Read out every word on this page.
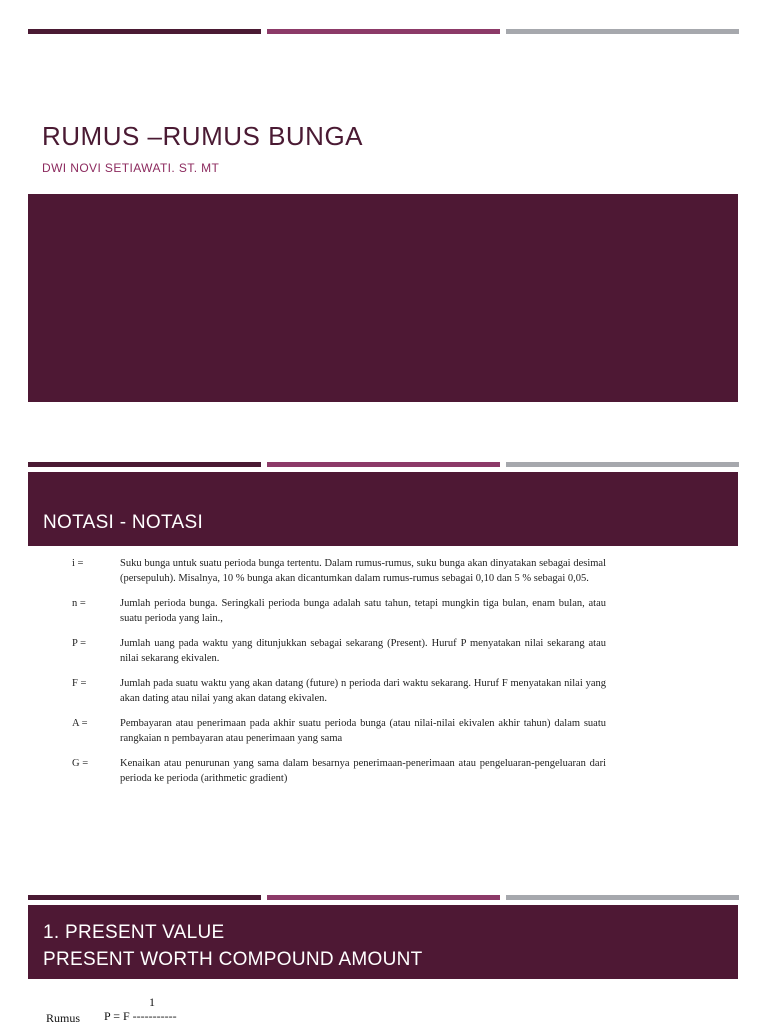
RUMUS –RUMUS BUNGA

DWI NOVI SETIAWATI. ST. MT

NOTASI - NOTASI
i =	Suku bunga untuk suatu perioda bunga tertentu. Dalam rumus-rumus, suku bunga akan dinyatakan sebagai desimal (persepuluh). Misalnya, 10 % bunga akan dicantumkan dalam rumus-rumus sebagai 0,10 dan 5 % sebagai 0,05.
n =	Jumlah perioda bunga. Seringkali perioda bunga adalah satu tahun, tetapi mungkin tiga bulan, enam bulan, atau suatu perioda yang lain.,
P =	Jumlah uang pada waktu yang ditunjukkan sebagai sekarang (Present). Huruf P menyatakan nilai sekarang atau nilai sekarang ekivalen.
F =	Jumlah pada suatu waktu yang akan datang (future) n perioda dari waktu sekarang. Huruf F menyatakan nilai yang akan dating atau nilai yang akan datang ekivalen.
A =	Pembayaran atau penerimaan pada akhir suatu perioda bunga (atau nilai-nilai ekivalen akhir tahun) dalam suatu rangkaian n pembayaran atau penerimaan yang sama
G =	Kenaikan atau penurunan yang sama dalam besarnya penerimaan-penerimaan atau pengeluaran-pengeluaran dari perioda ke perioda (arithmetic gradient)
1. PRESENT VALUE
PRESENT WORTH COMPOUND AMOUNT
1
Rumus P = F -----------
